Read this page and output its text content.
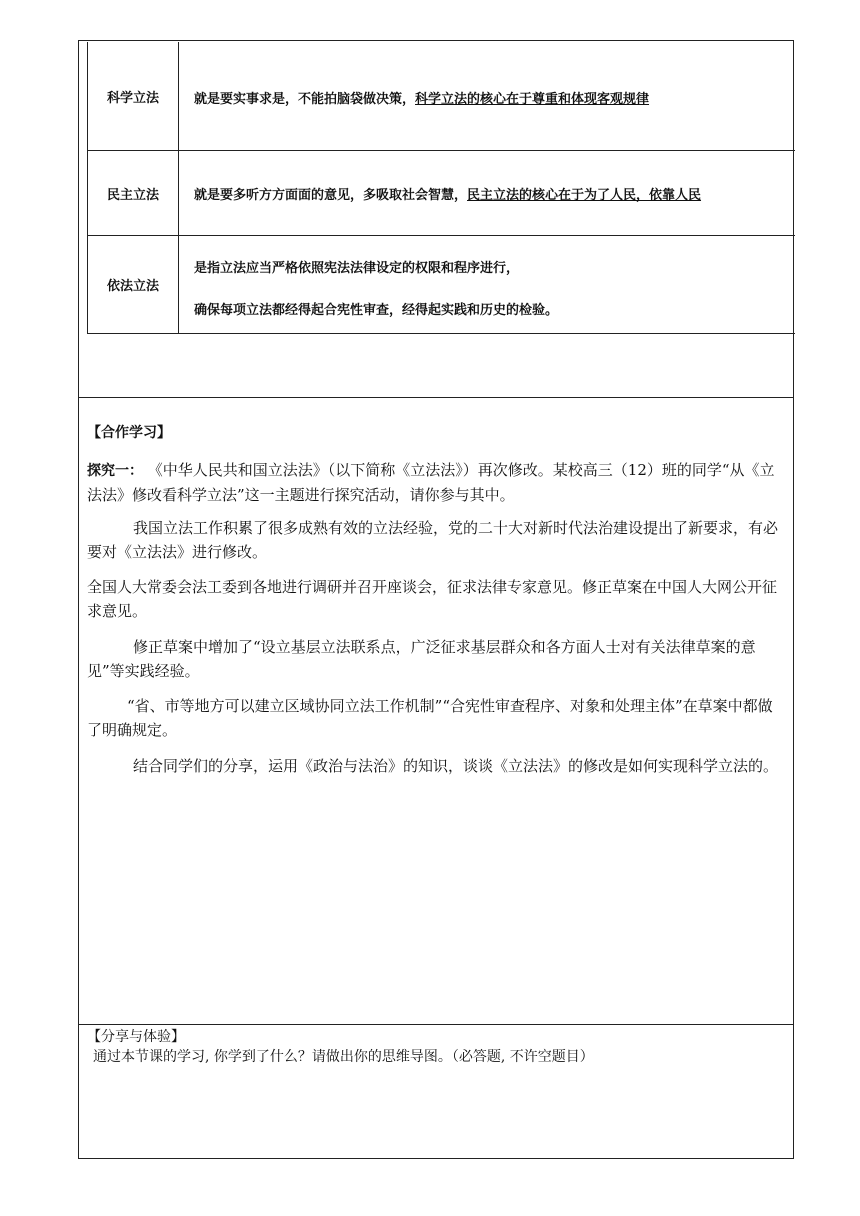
科学立法	就是要实事求是，不能拍脑袋做决策，科学立法的核心在于尊重和体现客观规律
民主立法	就是要多听方方面面的意见，多吸取社会智慧，民主立法的核心在于为了人民，依靠人民
依法立法
是指立法应当严格依照宪法法律设定的权限和程序进行，
确保每项立法都经得起合宪性审查，经得起实践和历史的检验。
【合作学习】
探究一： 《中华人民共和国立法法》（以下简称《立法法》）再次修改。某校高三（12）班的同学“从《立法法》修改看科学立法”这一主题进行探究活动，请你参与其中。
我国立法工作积累了很多成熟有效的立法经验，党的二十大对新时代法治建设提出了新要求，有必要对《立法法》进行修改。
全国人大常委会法工委到各地进行调研并召开座谈会，征求法律专家意见。修正草案在中国人大网公开征求意见。
修正草案中增加了“设立基层立法联系点，广泛征求基层群众和各方面人士对有关法律草案的意见”等实践经验。
“省、市等地方可以建立区域协同立法工作机制”“合宪性审查程序、对象和处理主体”在草案中都做了明确规定。
结合同学们的分享，运用《政治与法治》的知识，谈谈《立法法》的修改是如何实现科学立法的。
【分享与体验】
通过本节课的学习, 你学到了什么？请做出你的思维导图。（必答题, 不许空题目）
